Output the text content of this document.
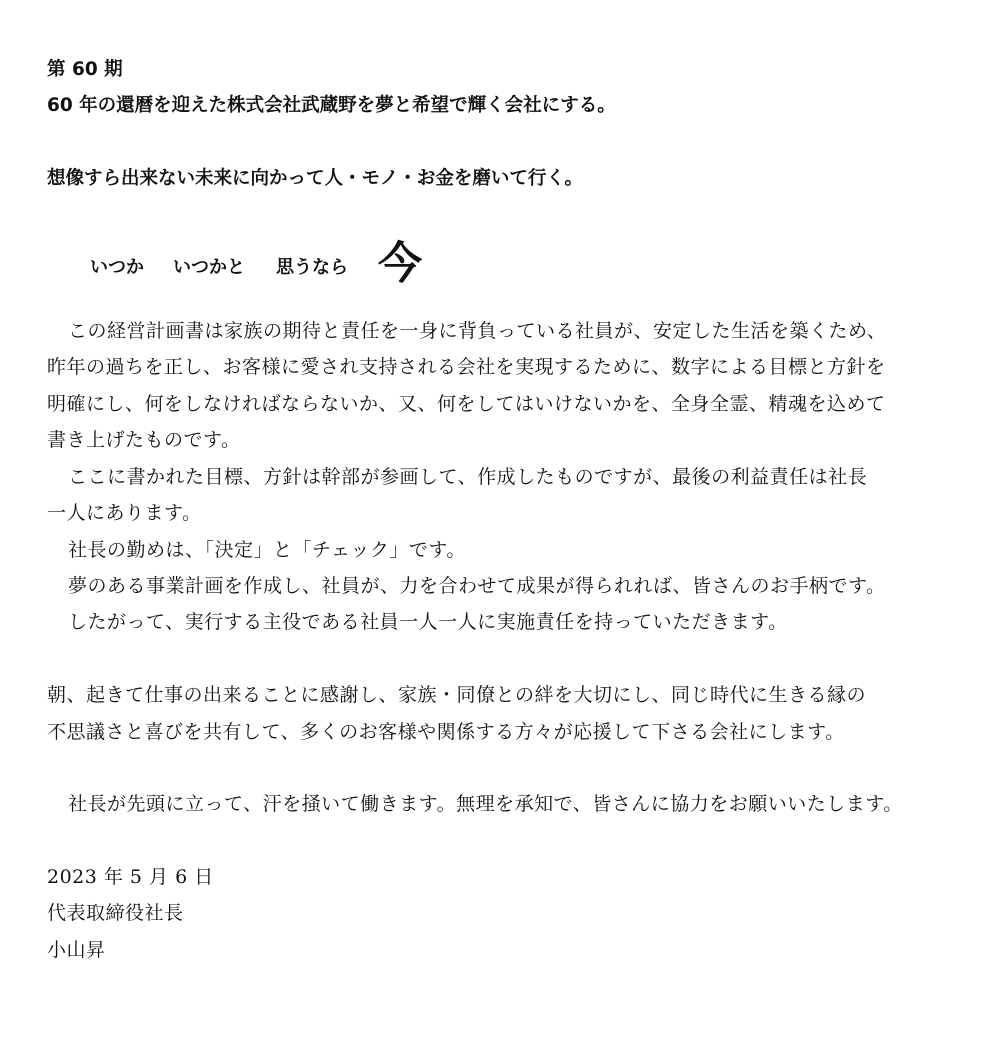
第 60 期
60 年の還暦を迎えた株式会社武蔵野を夢と希望で輝く会社にする。
想像すら出来ない未来に向かって人・モノ・お金を磨いて行く。
いつか いつかと 思うなら 今
この経営計画書は家族の期待と責任を一身に背負っている社員が、安定した生活を築くため、
昨年の過ちを正し、お客様に愛され支持される会社を実現するために、数字による目標と方針を
明確にし、何をしなければならないか、又、何をしてはいけないかを、全身全霊、精魂を込めて
書き上げたものです。
ここに書かれた目標、方針は幹部が参画して、作成したものですが、最後の利益責任は社長
一人にあります。
社長の勤めは、「決定」と「チェック」です。
夢のある事業計画を作成し、社員が、力を合わせて成果が得られれば、皆さんのお手柄です。
したがって、実行する主役である社員一人一人に実施責任を持っていただきます。
朝、起きて仕事の出来ることに感謝し、家族・同僚との絆を大切にし、同じ時代に生きる縁の
不思議さと喜びを共有して、多くのお客様や関係する方々が応援して下さる会社にします。
社長が先頭に立って、汗を掻いて働きます。無理を承知で、皆さんに協力をお願いいたします。
2023 年 5 月 6 日
代表取締役社長
小山昇
